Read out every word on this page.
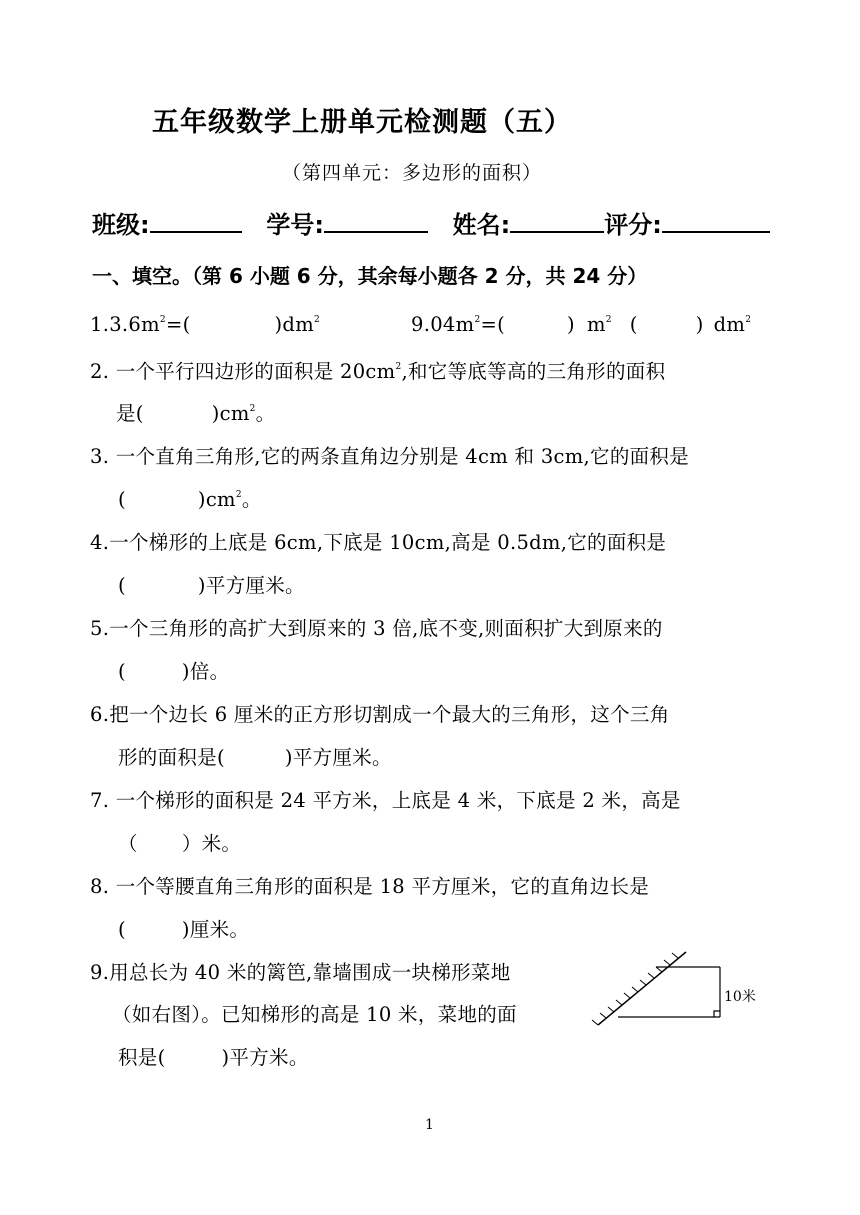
五年级数学上册单元检测题（五）
（第四单元：多边形的面积）
班级:	学号:	姓名:	评分:
一、填空。（第 6 小题 6 分，其余每小题各 2 分，共 24 分）
$1.3.6m^2=$(	)$dm^2$	$9.04m^2=$(	) $m^2$ (	) $dm^2$
2. 一个平行四边形的面积是 $20cm^2$,和它等底等高的三角形的面积
是(	)$cm^2$。
3. 一个直角三角形,它的两条直角边分别是 4cm 和 3cm,它的面积是
(	)$cm^2$。
4.一个梯形的上底是 6cm,下底是 10cm,高是 0.5dm,它的面积是
(	)平方厘米。
5.一个三角形的高扩大到原来的 3 倍,底不变,则面积扩大到原来的
(	)倍。
6.把一个边长 6 厘米的正方形切割成一个最大的三角形，这个三角
形的面积是(	)平方厘米。
7. 一个梯形的面积是 24 平方米，上底是 4 米，下底是 2 米，高是
（ ）米。
8. 一个等腰直角三角形的面积是 18 平方厘米，它的直角边长是
(	)厘米。
9.用总长为 40 米的篱笆,靠墙围成一块梯形菜地
（如右图）。已知梯形的高是 10 米，菜地的面
积是(	)平方米。
10米
1
